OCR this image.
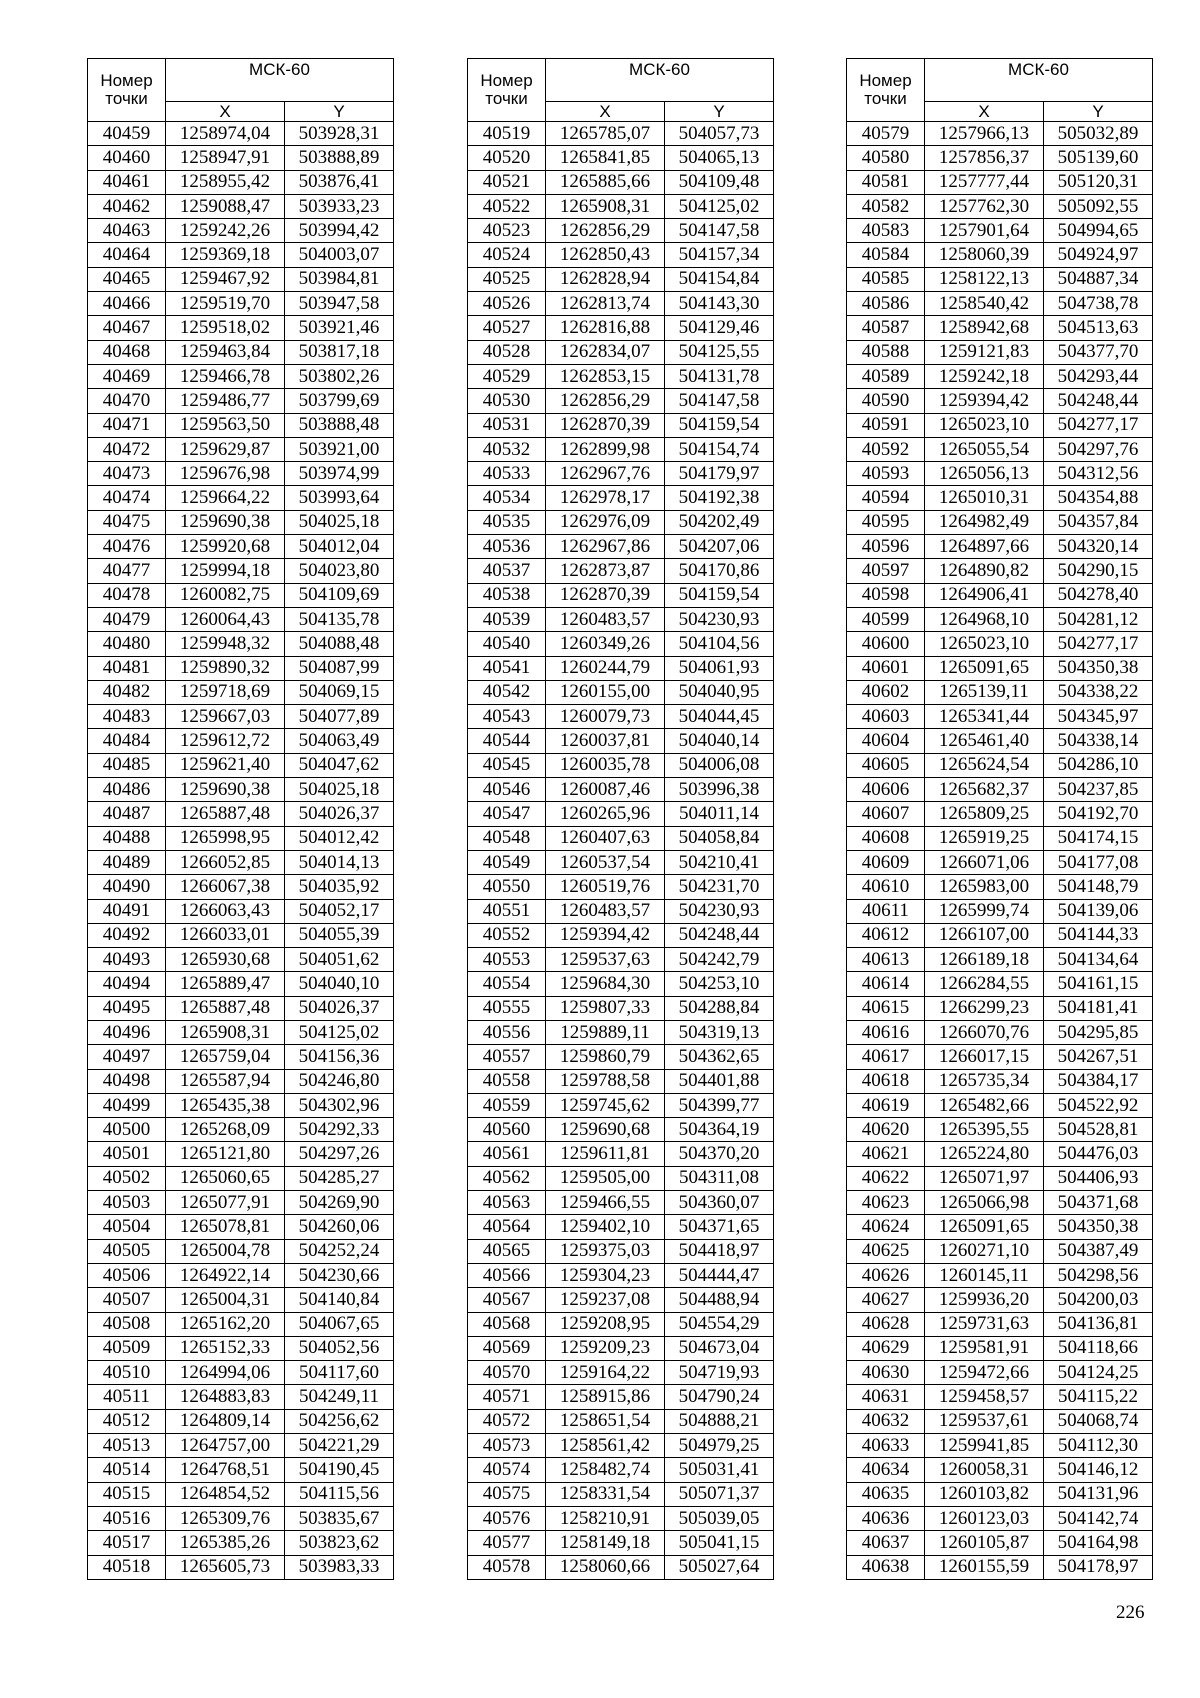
Номер точки	МСК-60	
	X	Y
40459	1258974,04	503928,31
40460	1258947,91	503888,89
40461	1258955,42	503876,41
40462	1259088,47	503933,23
40463	1259242,26	503994,42
40464	1259369,18	504003,07
40465	1259467,92	503984,81
40466	1259519,70	503947,58
40467	1259518,02	503921,46
40468	1259463,84	503817,18
40469	1259466,78	503802,26
40470	1259486,77	503799,69
40471	1259563,50	503888,48
40472	1259629,87	503921,00
40473	1259676,98	503974,99
40474	1259664,22	503993,64
40475	1259690,38	504025,18
40476	1259920,68	504012,04
40477	1259994,18	504023,80
40478	1260082,75	504109,69
40479	1260064,43	504135,78
40480	1259948,32	504088,48
40481	1259890,32	504087,99
40482	1259718,69	504069,15
40483	1259667,03	504077,89
40484	1259612,72	504063,49
40485	1259621,40	504047,62
40486	1259690,38	504025,18
40487	1265887,48	504026,37
40488	1265998,95	504012,42
40489	1266052,85	504014,13
40490	1266067,38	504035,92
40491	1266063,43	504052,17
40492	1266033,01	504055,39
40493	1265930,68	504051,62
40494	1265889,47	504040,10
40495	1265887,48	504026,37
40496	1265908,31	504125,02
40497	1265759,04	504156,36
40498	1265587,94	504246,80
40499	1265435,38	504302,96
40500	1265268,09	504292,33
40501	1265121,80	504297,26
40502	1265060,65	504285,27
40503	1265077,91	504269,90
40504	1265078,81	504260,06
40505	1265004,78	504252,24
40506	1264922,14	504230,66
40507	1265004,31	504140,84
40508	1265162,20	504067,65
40509	1265152,33	504052,56
40510	1264994,06	504117,60
40511	1264883,83	504249,11
40512	1264809,14	504256,62
40513	1264757,00	504221,29
40514	1264768,51	504190,45
40515	1264854,52	504115,56
40516	1265309,76	503835,67
40517	1265385,26	503823,62
40518	1265605,73	503983,33
Номер точки	МСК-60	
	X	Y
40519	1265785,07	504057,73
40520	1265841,85	504065,13
40521	1265885,66	504109,48
40522	1265908,31	504125,02
40523	1262856,29	504147,58
40524	1262850,43	504157,34
40525	1262828,94	504154,84
40526	1262813,74	504143,30
40527	1262816,88	504129,46
40528	1262834,07	504125,55
40529	1262853,15	504131,78
40530	1262856,29	504147,58
40531	1262870,39	504159,54
40532	1262899,98	504154,74
40533	1262967,76	504179,97
40534	1262978,17	504192,38
40535	1262976,09	504202,49
40536	1262967,86	504207,06
40537	1262873,87	504170,86
40538	1262870,39	504159,54
40539	1260483,57	504230,93
40540	1260349,26	504104,56
40541	1260244,79	504061,93
40542	1260155,00	504040,95
40543	1260079,73	504044,45
40544	1260037,81	504040,14
40545	1260035,78	504006,08
40546	1260087,46	503996,38
40547	1260265,96	504011,14
40548	1260407,63	504058,84
40549	1260537,54	504210,41
40550	1260519,76	504231,70
40551	1260483,57	504230,93
40552	1259394,42	504248,44
40553	1259537,63	504242,79
40554	1259684,30	504253,10
40555	1259807,33	504288,84
40556	1259889,11	504319,13
40557	1259860,79	504362,65
40558	1259788,58	504401,88
40559	1259745,62	504399,77
40560	1259690,68	504364,19
40561	1259611,81	504370,20
40562	1259505,00	504311,08
40563	1259466,55	504360,07
40564	1259402,10	504371,65
40565	1259375,03	504418,97
40566	1259304,23	504444,47
40567	1259237,08	504488,94
40568	1259208,95	504554,29
40569	1259209,23	504673,04
40570	1259164,22	504719,93
40571	1258915,86	504790,24
40572	1258651,54	504888,21
40573	1258561,42	504979,25
40574	1258482,74	505031,41
40575	1258331,54	505071,37
40576	1258210,91	505039,05
40577	1258149,18	505041,15
40578	1258060,66	505027,64
Номер точки	МСК-60	
	X	Y
40579	1257966,13	505032,89
40580	1257856,37	505139,60
40581	1257777,44	505120,31
40582	1257762,30	505092,55
40583	1257901,64	504994,65
40584	1258060,39	504924,97
40585	1258122,13	504887,34
40586	1258540,42	504738,78
40587	1258942,68	504513,63
40588	1259121,83	504377,70
40589	1259242,18	504293,44
40590	1259394,42	504248,44
40591	1265023,10	504277,17
40592	1265055,54	504297,76
40593	1265056,13	504312,56
40594	1265010,31	504354,88
40595	1264982,49	504357,84
40596	1264897,66	504320,14
40597	1264890,82	504290,15
40598	1264906,41	504278,40
40599	1264968,10	504281,12
40600	1265023,10	504277,17
40601	1265091,65	504350,38
40602	1265139,11	504338,22
40603	1265341,44	504345,97
40604	1265461,40	504338,14
40605	1265624,54	504286,10
40606	1265682,37	504237,85
40607	1265809,25	504192,70
40608	1265919,25	504174,15
40609	1266071,06	504177,08
40610	1265983,00	504148,79
40611	1265999,74	504139,06
40612	1266107,00	504144,33
40613	1266189,18	504134,64
40614	1266284,55	504161,15
40615	1266299,23	504181,41
40616	1266070,76	504295,85
40617	1266017,15	504267,51
40618	1265735,34	504384,17
40619	1265482,66	504522,92
40620	1265395,55	504528,81
40621	1265224,80	504476,03
40622	1265071,97	504406,93
40623	1265066,98	504371,68
40624	1265091,65	504350,38
40625	1260271,10	504387,49
40626	1260145,11	504298,56
40627	1259936,20	504200,03
40628	1259731,63	504136,81
40629	1259581,91	504118,66
40630	1259472,66	504124,25
40631	1259458,57	504115,22
40632	1259537,61	504068,74
40633	1259941,85	504112,30
40634	1260058,31	504146,12
40635	1260103,82	504131,96
40636	1260123,03	504142,74
40637	1260105,87	504164,98
40638	1260155,59	504178,97
226
